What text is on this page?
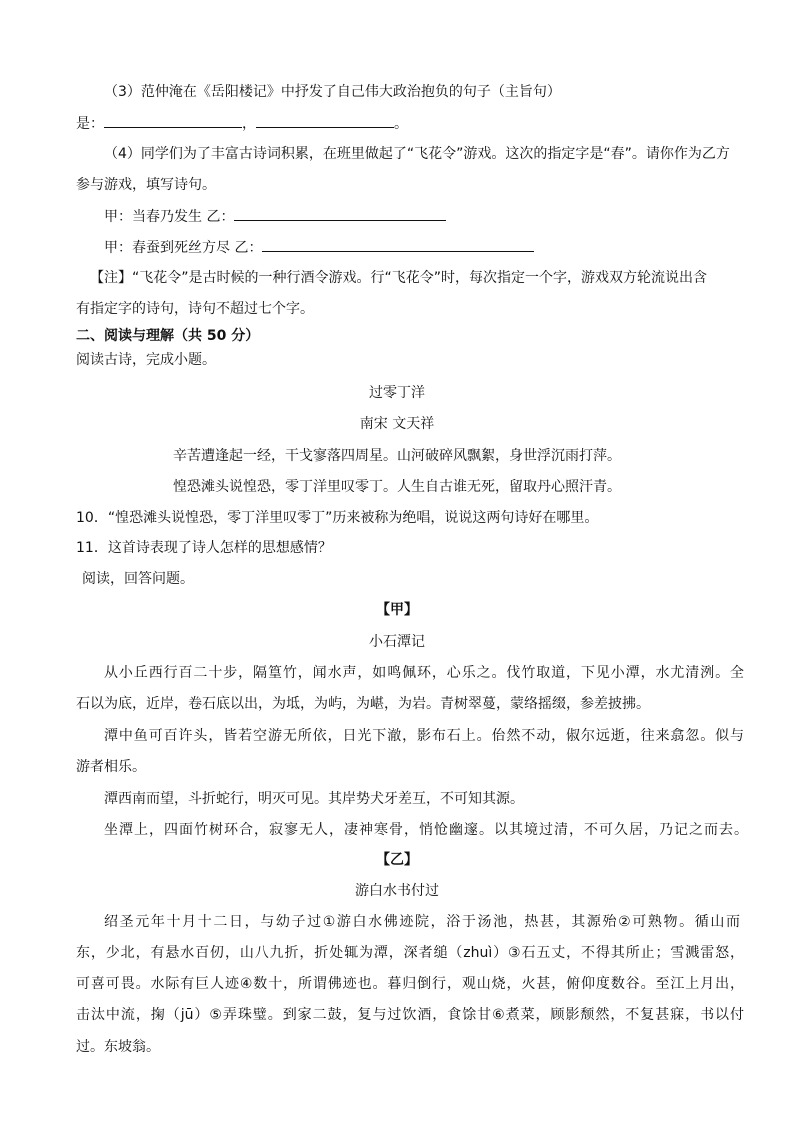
（3）范仲淹在《岳阳楼记》中抒发了自己伟大政治抱负的句子（主旨句）
是：	，	。
（4）同学们为了丰富古诗词积累，在班里做起了“飞花令”游戏。这次的指定字是“春”。请你作为乙方
参与游戏，填写诗句。
甲：当春乃发生 乙：
甲：春蚕到死丝方尽 乙：
【注】“飞花令”是古时候的一种行酒令游戏。行“飞花令”时，每次指定一个字，游戏双方轮流说出含
有指定字的诗句，诗句不超过七个字。
二、阅读与理解（共 50 分）
阅读古诗，完成小题。
过零丁洋
南宋 文天祥
辛苦遭逢起一经，干戈寥落四周星。山河破碎风飘絮，身世浮沉雨打萍。
惶恐滩头说惶恐，零丁洋里叹零丁。人生自古谁无死，留取丹心照汗青。
10．“惶恐滩头说惶恐，零丁洋里叹零丁”历来被称为绝唱，说说这两句诗好在哪里。
11．这首诗表现了诗人怎样的思想感情？
阅读，回答问题。
【甲】
小石潭记
从小丘西行百二十步，隔篁竹，闻水声，如鸣佩环，心乐之。伐竹取道，下见小潭，水尤清洌。全
石以为底，近岸，卷石底以出，为坻，为屿，为嵁，为岩。青树翠蔓，蒙络摇缀，参差披拂。
潭中鱼可百许头，皆若空游无所依，日光下澈，影布石上。佁然不动，俶尔远逝，往来翕忽。似与
游者相乐。
潭西南而望，斗折蛇行，明灭可见。其岸势犬牙差互，不可知其源。
坐潭上，四面竹树环合，寂寥无人，凄神寒骨，悄怆幽邃。以其境过清，不可久居，乃记之而去。
【乙】
游白水书付过
绍圣元年十月十二日，与幼子过①游白水佛迹院，浴于汤池，热甚，其源殆②可熟物。循山而
东，少北，有悬水百仞，山八九折，折处辄为潭，深者缒（zhuì）③石五丈，不得其所止；雪溅雷怒，
可喜可畏。水际有巨人迹④数十，所谓佛迹也。暮归倒行，观山烧，火甚，俯仰度数谷。至江上月出，
击汰中流，掬（jū）⑤弄珠璧。到家二鼓，复与过饮酒，食馀甘⑥煮菜，顾影颓然，不复甚寐，书以付
过。东坡翁。
